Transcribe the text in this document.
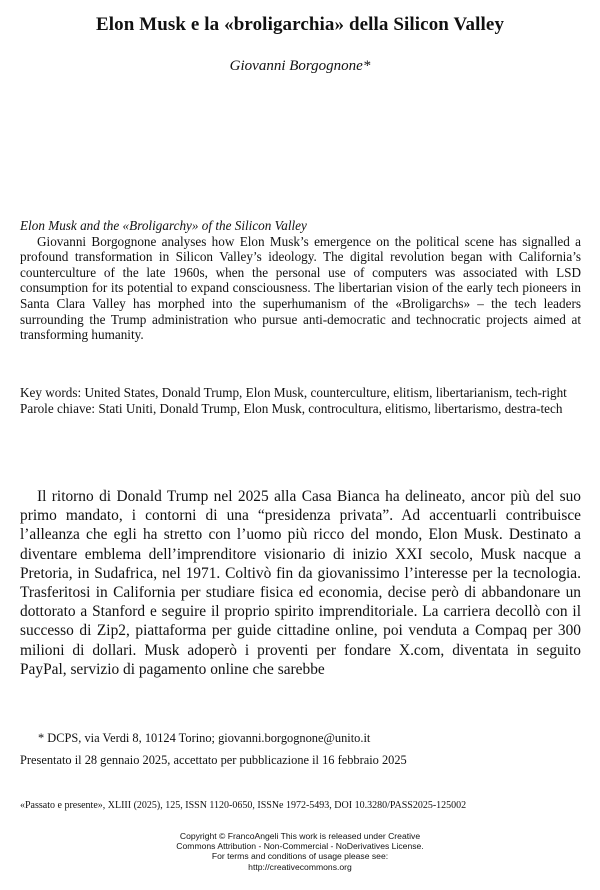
Elon Musk e la «broligarchia» della Silicon Valley
Giovanni Borgognone*
Elon Musk and the «Broligarchy» of the Silicon Valley
Giovanni Borgognone analyses how Elon Musk’s emergence on the political scene has signalled a profound transformation in Silicon Valley’s ideology. The digital revolution began with California’s counterculture of the late 1960s, when the personal use of computers was associated with LSD consumption for its potential to expand consciousness. The libertarian vision of the early tech pioneers in Santa Clara Valley has morphed into the superhumanism of the «Broligarchs» – the tech leaders surrounding the Trump administration who pursue anti-democratic and technocratic projects aimed at transforming humanity.
Key words: United States, Donald Trump, Elon Musk, counterculture, elitism, libertarianism, tech-right
Parole chiave: Stati Uniti, Donald Trump, Elon Musk, controcultura, elitismo, libertarismo, destra-tech
Il ritorno di Donald Trump nel 2025 alla Casa Bianca ha delineato, ancor più del suo primo mandato, i contorni di una “presidenza privata”. Ad accentuarli contribuisce l’alleanza che egli ha stretto con l’uomo più ricco del mondo, Elon Musk. Destinato a diventare emblema dell’imprenditore visionario di inizio XXI secolo, Musk nacque a Pretoria, in Sudafrica, nel 1971. Coltivò fin da giovanissimo l’interesse per la tecnologia. Trasferitosi in California per studiare fisica ed economia, decise però di abbandonare un dottorato a Stanford e seguire il proprio spirito imprenditoriale. La carriera decollò con il successo di Zip2, piattaforma per guide cittadine online, poi venduta a Compaq per 300 milioni di dollari. Musk adoperò i proventi per fondare X.com, diventata in seguito PayPal, servizio di pagamento online che sarebbe
* DCPS, via Verdi 8, 10124 Torino; giovanni.borgognone@unito.it
Presentato il 28 gennaio 2025, accettato per pubblicazione il 16 febbraio 2025
«Passato e presente», XLIII (2025), 125, ISSN 1120-0650, ISSNe 1972-5493, DOI 10.3280/PASS2025-125002
Copyright © FrancoAngeli This work is released under Creative
Commons Attribution - Non-Commercial - NoDerivatives License.
For terms and conditions of usage please see:
http://creativecommons.org
